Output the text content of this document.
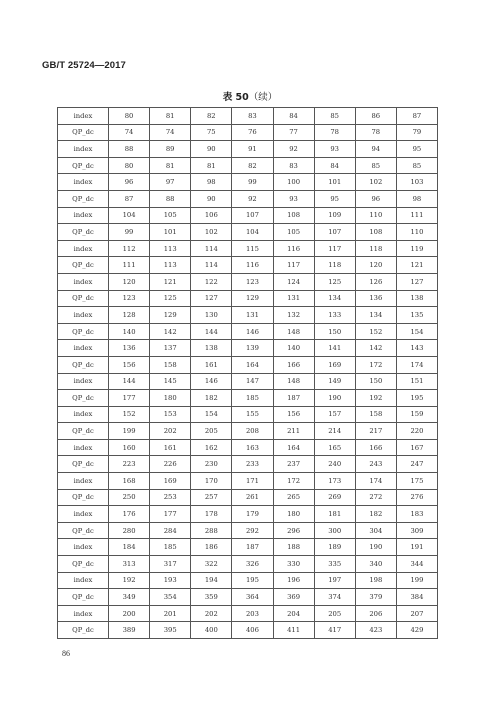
GB/T 25724—2017
表 50（续）
index	80	81	82	83	84	85	86	87
QP_dc	74	74	75	76	77	78	78	79
index	88	89	90	91	92	93	94	95
QP_dc	80	81	81	82	83	84	85	85
index	96	97	98	99	100	101	102	103
QP_dc	87	88	90	92	93	95	96	98
index	104	105	106	107	108	109	110	111
QP_dc	99	101	102	104	105	107	108	110
index	112	113	114	115	116	117	118	119
QP_dc	111	113	114	116	117	118	120	121
index	120	121	122	123	124	125	126	127
QP_dc	123	125	127	129	131	134	136	138
index	128	129	130	131	132	133	134	135
QP_dc	140	142	144	146	148	150	152	154
index	136	137	138	139	140	141	142	143
QP_dc	156	158	161	164	166	169	172	174
index	144	145	146	147	148	149	150	151
QP_dc	177	180	182	185	187	190	192	195
index	152	153	154	155	156	157	158	159
QP_dc	199	202	205	208	211	214	217	220
index	160	161	162	163	164	165	166	167
QP_dc	223	226	230	233	237	240	243	247
index	168	169	170	171	172	173	174	175
QP_dc	250	253	257	261	265	269	272	276
index	176	177	178	179	180	181	182	183
QP_dc	280	284	288	292	296	300	304	309
index	184	185	186	187	188	189	190	191
QP_dc	313	317	322	326	330	335	340	344
index	192	193	194	195	196	197	198	199
QP_dc	349	354	359	364	369	374	379	384
index	200	201	202	203	204	205	206	207
QP_dc	389	395	400	406	411	417	423	429
86
